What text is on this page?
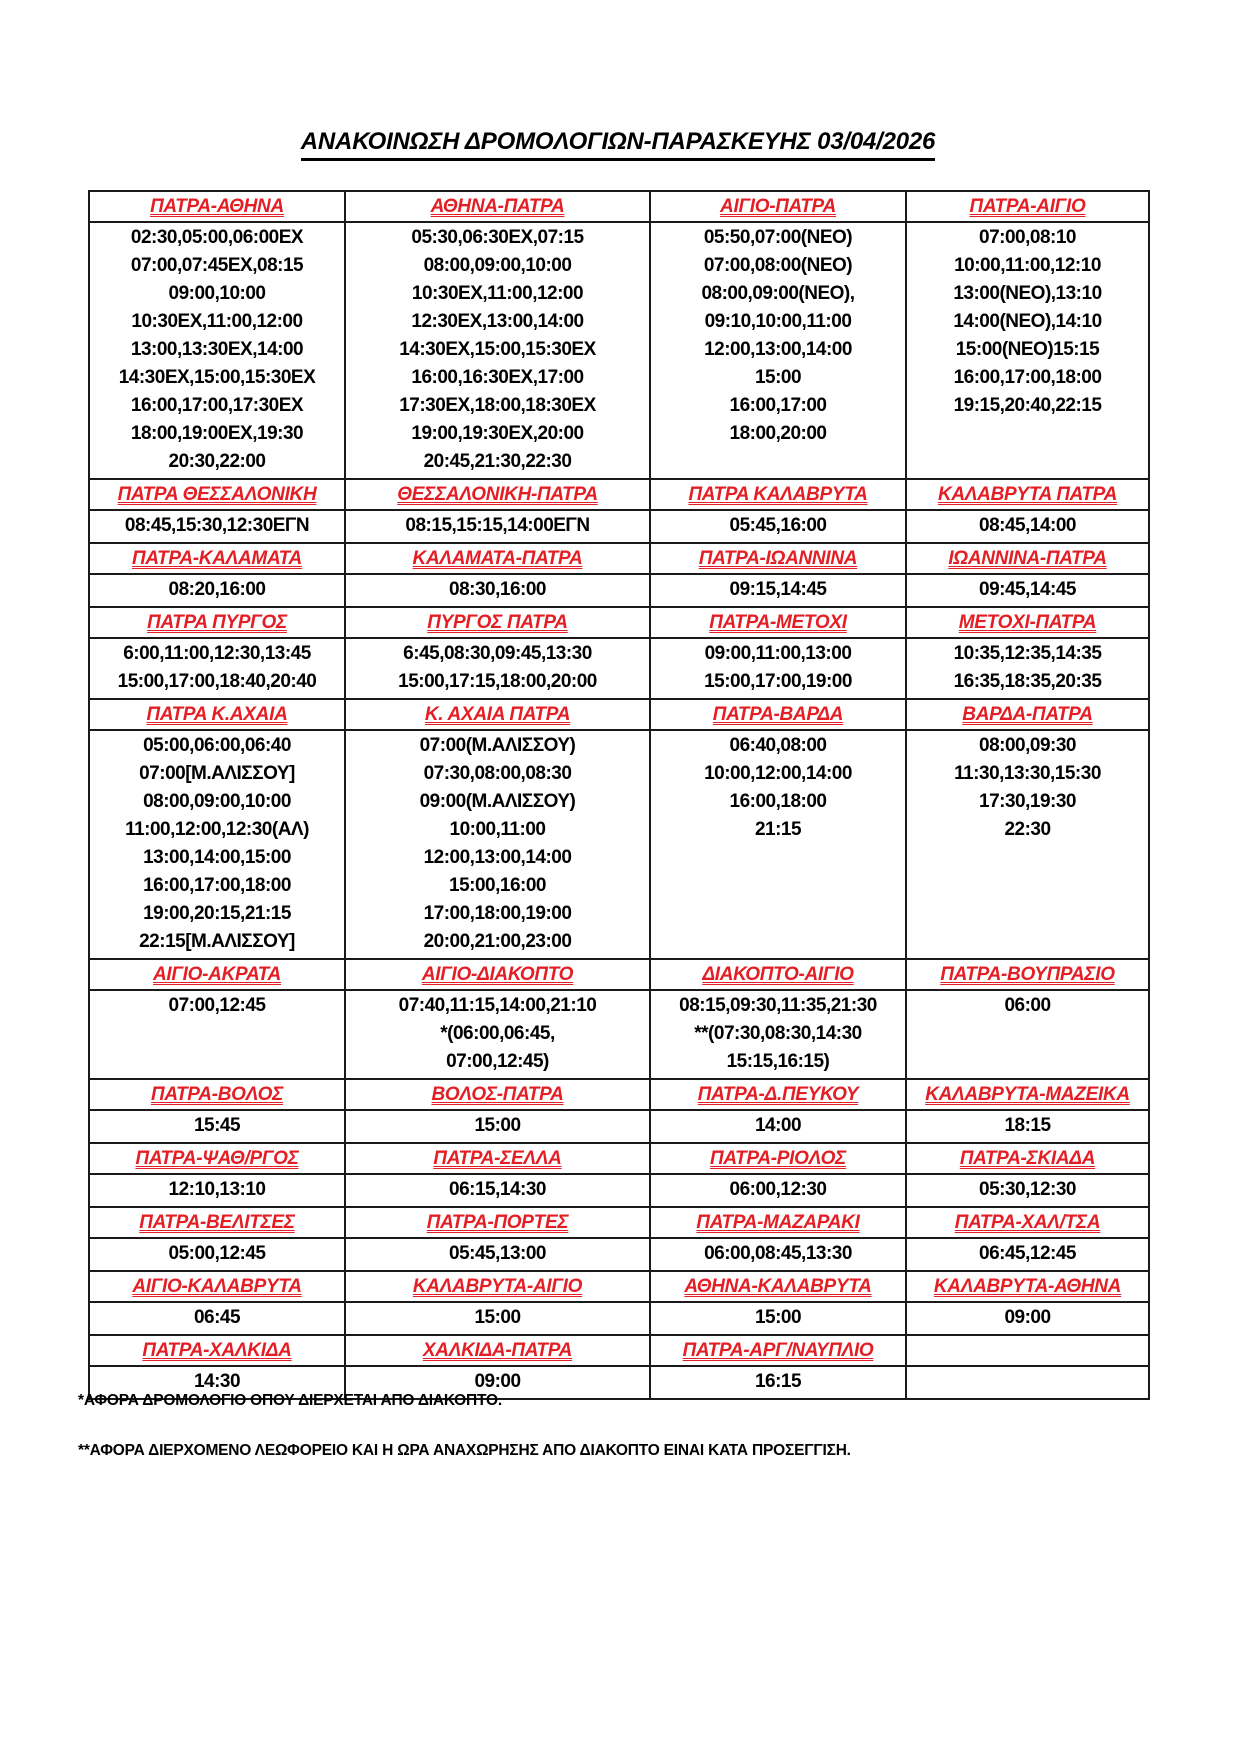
ΑΝΑΚΟΙΝΩΣΗ ΔΡΟΜΟΛΟΓΙΩΝ-ΠΑΡΑΣΚΕΥΗΣ 03/04/2026
ΠΑΤΡΑ-ΑΘΗΝΑ	ΑΘΗΝΑ-ΠΑΤΡΑ	ΑΙΓΙΟ-ΠΑΤΡΑ	ΠΑΤΡΑ-ΑΙΓΙΟ

02:30,05:00,06:00EX
07:00,07:45EX,08:15
09:00,10:00
10:30EX,11:00,12:00
13:00,13:30EX,14:00
14:30EX,15:00,15:30EX
16:00,17:00,17:30EX
18:00,19:00EX,19:30
20:30,22:00

05:30,06:30EX,07:15
08:00,09:00,10:00
10:30EX,11:00,12:00
12:30EX,13:00,14:00
14:30EX,15:00,15:30EX
16:00,16:30EX,17:00
17:30EX,18:00,18:30EX
19:00,19:30EX,20:00
20:45,21:30,22:30

05:50,07:00(ΝΕΟ)
07:00,08:00(ΝΕΟ)
08:00,09:00(ΝΕΟ),
09:10,10:00,11:00
12:00,13:00,14:00
15:00
16:00,17:00
18:00,20:00

07:00,08:10
10:00,11:00,12:10
13:00(ΝΕΟ),13:10
14:00(ΝΕΟ),14:10
15:00(ΝΕΟ)15:15
16:00,17:00,18:00
19:15,20:40,22:15

ΠΑΤΡΑ ΘΕΣΣΑΛΟΝΙΚΗ	ΘΕΣΣΑΛΟΝΙΚΗ-ΠΑΤΡΑ	ΠΑΤΡΑ ΚΑΛΑΒΡΥΤΑ	ΚΑΛΑΒΡΥΤΑ ΠΑΤΡΑ

08:45,15:30,12:30ΕΓΝ	08:15,15:15,14:00ΕΓΝ	05:45,16:00	08:45,14:00

ΠΑΤΡΑ-ΚΑΛΑΜΑΤΑ	ΚΑΛΑΜΑΤΑ-ΠΑΤΡΑ	ΠΑΤΡΑ-ΙΩΑΝΝΙΝΑ	ΙΩΑΝΝΙΝΑ-ΠΑΤΡΑ

08:20,16:00	08:30,16:00	09:15,14:45	09:45,14:45

ΠΑΤΡΑ ΠΥΡΓΟΣ	ΠΥΡΓΟΣ ΠΑΤΡΑ	ΠΑΤΡΑ-ΜΕΤΟΧΙ	ΜΕΤΟΧΙ-ΠΑΤΡΑ

6:00,11:00,12:30,13:45
15:00,17:00,18:40,20:40

6:45,08:30,09:45,13:30
15:00,17:15,18:00,20:00

09:00,11:00,13:00
15:00,17:00,19:00

10:35,12:35,14:35
16:35,18:35,20:35

ΠΑΤΡΑ Κ.ΑΧΑΙΑ	Κ. ΑΧΑΙΑ ΠΑΤΡΑ	ΠΑΤΡΑ-ΒΑΡΔΑ	ΒΑΡΔΑ-ΠΑΤΡΑ

05:00,06:00,06:40
07:00[Μ.ΑΛΙΣΣΟΥ]
08:00,09:00,10:00
11:00,12:00,12:30(ΑΛ)
13:00,14:00,15:00
16:00,17:00,18:00
19:00,20:15,21:15
22:15[Μ.ΑΛΙΣΣΟΥ]

07:00(Μ.ΑΛΙΣΣΟΥ)
07:30,08:00,08:30
09:00(Μ.ΑΛΙΣΣΟΥ)
10:00,11:00
12:00,13:00,14:00
15:00,16:00
17:00,18:00,19:00
20:00,21:00,23:00

06:40,08:00
10:00,12:00,14:00
16:00,18:00
21:15

08:00,09:30
11:30,13:30,15:30
17:30,19:30
22:30

ΑΙΓΙΟ-ΑΚΡΑΤΑ	ΑΙΓΙΟ-ΔΙΑΚΟΠΤΟ	ΔΙΑΚΟΠΤΟ-ΑΙΓΙΟ	ΠΑΤΡΑ-ΒΟΥΠΡΑΣΙΟ

07:00,12:45	07:40,11:15,14:00,21:10
*(06:00,06:45,
07:00,12:45)

08:15,09:30,11:35,21:30
**(07:30,08:30,14:30
15:15,16:15)

06:00

ΠΑΤΡΑ-ΒΟΛΟΣ	ΒΟΛΟΣ-ΠΑΤΡΑ	ΠΑΤΡΑ-Δ.ΠΕΥΚΟΥ	ΚΑΛΑΒΡΥΤΑ-ΜΑΖΕΙΚΑ

15:45	15:00	14:00	18:15

ΠΑΤΡΑ-ΨΑΘ/ΡΓΟΣ	ΠΑΤΡΑ-ΣΕΛΛΑ	ΠΑΤΡΑ-ΡΙΟΛΟΣ	ΠΑΤΡΑ-ΣΚΙΑΔΑ

12:10,13:10	06:15,14:30	06:00,12:30	05:30,12:30

ΠΑΤΡΑ-ΒΕΛΙΤΣΕΣ	ΠΑΤΡΑ-ΠΟΡΤΕΣ	ΠΑΤΡΑ-ΜΑΖΑΡΑΚΙ	ΠΑΤΡΑ-ΧΑΛ/ΤΣΑ

05:00,12:45	05:45,13:00	06:00,08:45,13:30	06:45,12:45

ΑΙΓΙΟ-ΚΑΛΑΒΡΥΤΑ	ΚΑΛΑΒΡΥΤΑ-ΑΙΓΙΟ	ΑΘΗΝΑ-ΚΑΛΑΒΡΥΤΑ	ΚΑΛΑΒΡΥΤΑ-ΑΘΗΝΑ

06:45	15:00	15:00	09:00

ΠΑΤΡΑ-ΧΑΛΚΙΔΑ	ΧΑΛΚΙΔΑ-ΠΑΤΡΑ	ΠΑΤΡΑ-ΑΡΓ/ΝΑΥΠΛΙΟ	

14:30	09:00	16:15	

*ΑΦΟΡΑ ΔΡΟΜΟΛΟΓΙΟ ΟΠΟΥ ΔΙΕΡΧΕΤΑΙ ΑΠΟ ΔΙΑΚΟΠΤΟ.
**ΑΦΟΡΑ ΔΙΕΡΧΟΜΕΝΟ ΛΕΩΦΟΡΕΙΟ ΚΑΙ Η ΩΡΑ ΑΝΑΧΩΡΗΣΗΣ ΑΠΟ ΔΙΑΚΟΠΤΟ ΕΙΝΑΙ ΚΑΤΑ ΠΡΟΣΕΓΓΙΣΗ.
